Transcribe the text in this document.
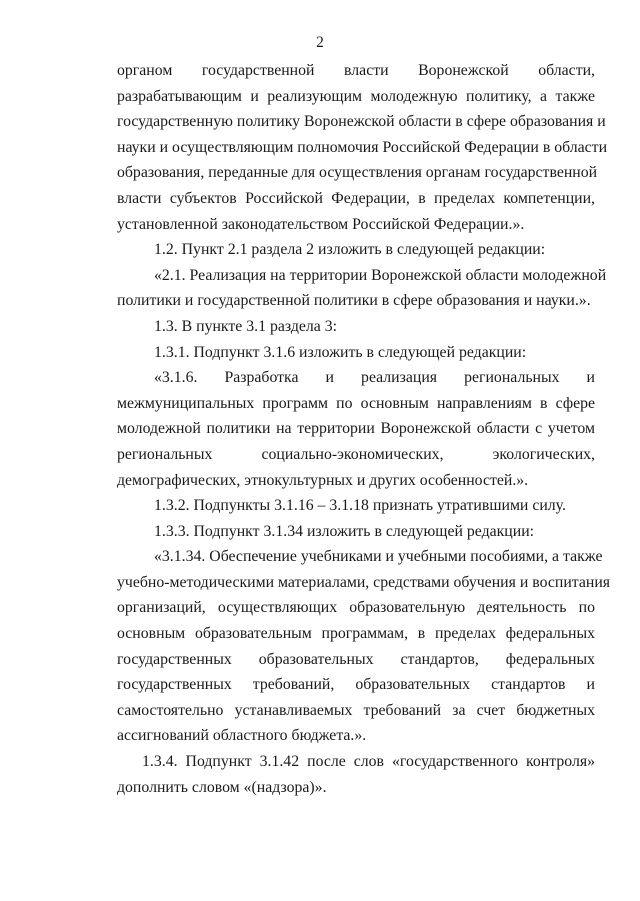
2
органом государственной власти Воронежской области,
разрабатывающим и реализующим молодежную политику, а также
государственную политику Воронежской области в сфере образования и
науки и осуществляющим полномочия Российской Федерации в области
образования, переданные для осуществления органам государственной
власти субъектов Российской Федерации, в пределах компетенции,
установленной законодательством Российской Федерации.».
1.2. Пункт 2.1 раздела 2 изложить в следующей редакции:
«2.1. Реализация на территории Воронежской области молодежной
политики и государственной политики в сфере образования и науки.».
1.3. В пункте 3.1 раздела 3:
1.3.1. Подпункт 3.1.6 изложить в следующей редакции:
«3.1.6. Разработка и реализация региональных и
межмуниципальных программ по основным направлениям в сфере
молодежной политики на территории Воронежской области с учетом
региональных социально-экономических, экологических,
демографических, этнокультурных и других особенностей.».
1.3.2. Подпункты 3.1.16 – 3.1.18 признать утратившими силу.
1.3.3. Подпункт 3.1.34 изложить в следующей редакции:
«3.1.34. Обеспечение учебниками и учебными пособиями, а также
учебно-методическими материалами, средствами обучения и воспитания
организаций, осуществляющих образовательную деятельность по
основным образовательным программам, в пределах федеральных
государственных образовательных стандартов, федеральных
государственных требований, образовательных стандартов и
самостоятельно устанавливаемых требований за счет бюджетных
ассигнований областного бюджета.».
1.3.4. Подпункт 3.1.42 после слов «государственного контроля»
дополнить словом «(надзора)».
